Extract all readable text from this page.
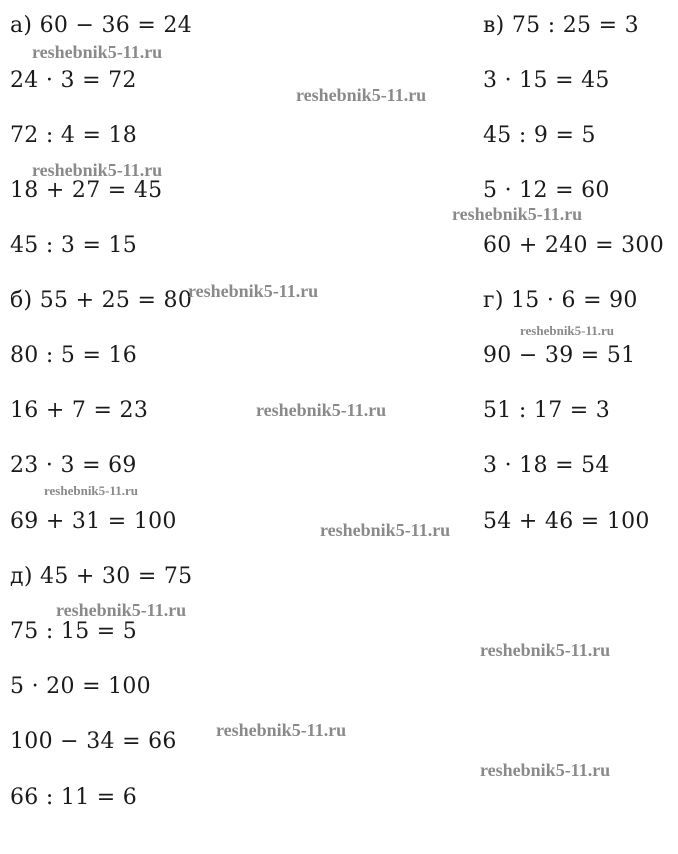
а) 60 − 36 = 24
24 · 3 = 72
72 : 4 = 18
18 + 27 = 45
45 : 3 = 15
б) 55 + 25 = 80
80 : 5 = 16
16 + 7 = 23
23 · 3 = 69
69 + 31 = 100
д) 45 + 30 = 75
75 : 15 = 5
5 · 20 = 100
100 − 34 = 66
66 : 11 = 6
в) 75 : 25 = 3
3 · 15 = 45
45 : 9 = 5
5 · 12 = 60
60 + 240 = 300
г) 15 · 6 = 90
90 − 39 = 51
51 : 17 = 3
3 · 18 = 54
54 + 46 = 100
reshebnik5-11.ru
reshebnik5-11.ru
reshebnik5-11.ru
reshebnik5-11.ru
reshebnik5-11.ru
reshebnik5-11.ru
reshebnik5-11.ru
reshebnik5-11.ru
reshebnik5-11.ru
reshebnik5-11.ru
reshebnik5-11.ru
reshebnik5-11.ru
reshebnik5-11.ru
